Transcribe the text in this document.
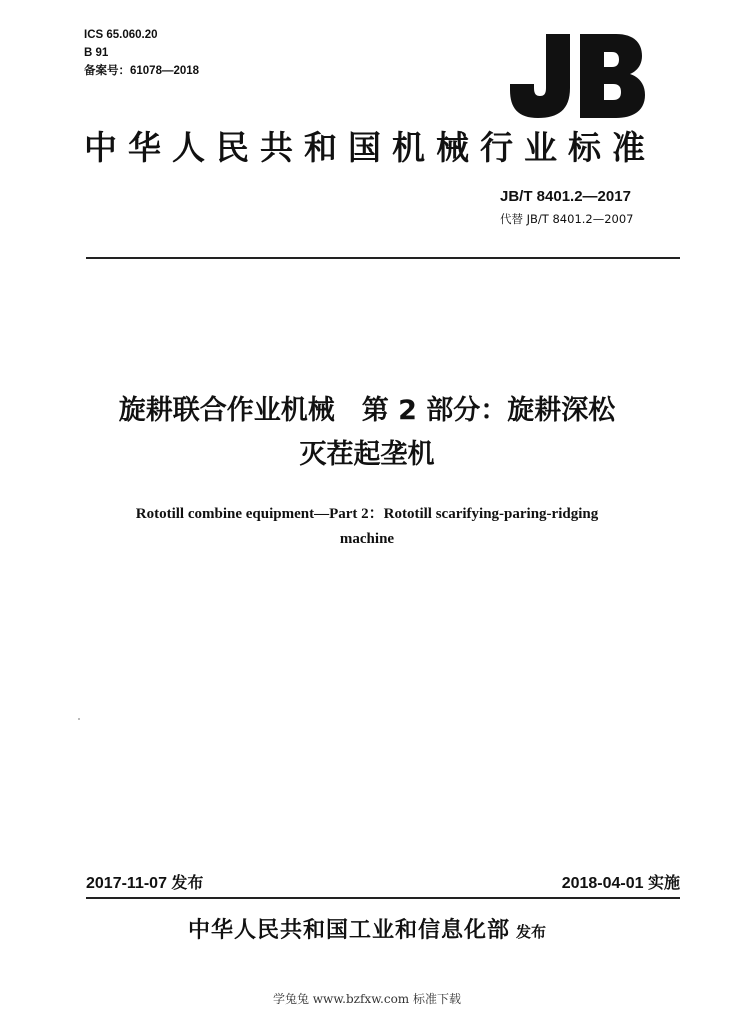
ICS 65.060.20
B 91
备案号：61078—2018
中华人民共和国机械行业标准
JB/T 8401.2—2017
代替 JB/T 8401.2—2007
旋耕联合作业机械　第 2 部分：旋耕深松
灭茬起垄机
Rototill combine equipment—Part 2：Rototill scarifying-paring-ridging
machine
2017-11-07 发布	2018-04-01 实施
中华人民共和国工业和信息化部 发布
学兔兔 www.bzfxw.com 标准下载
